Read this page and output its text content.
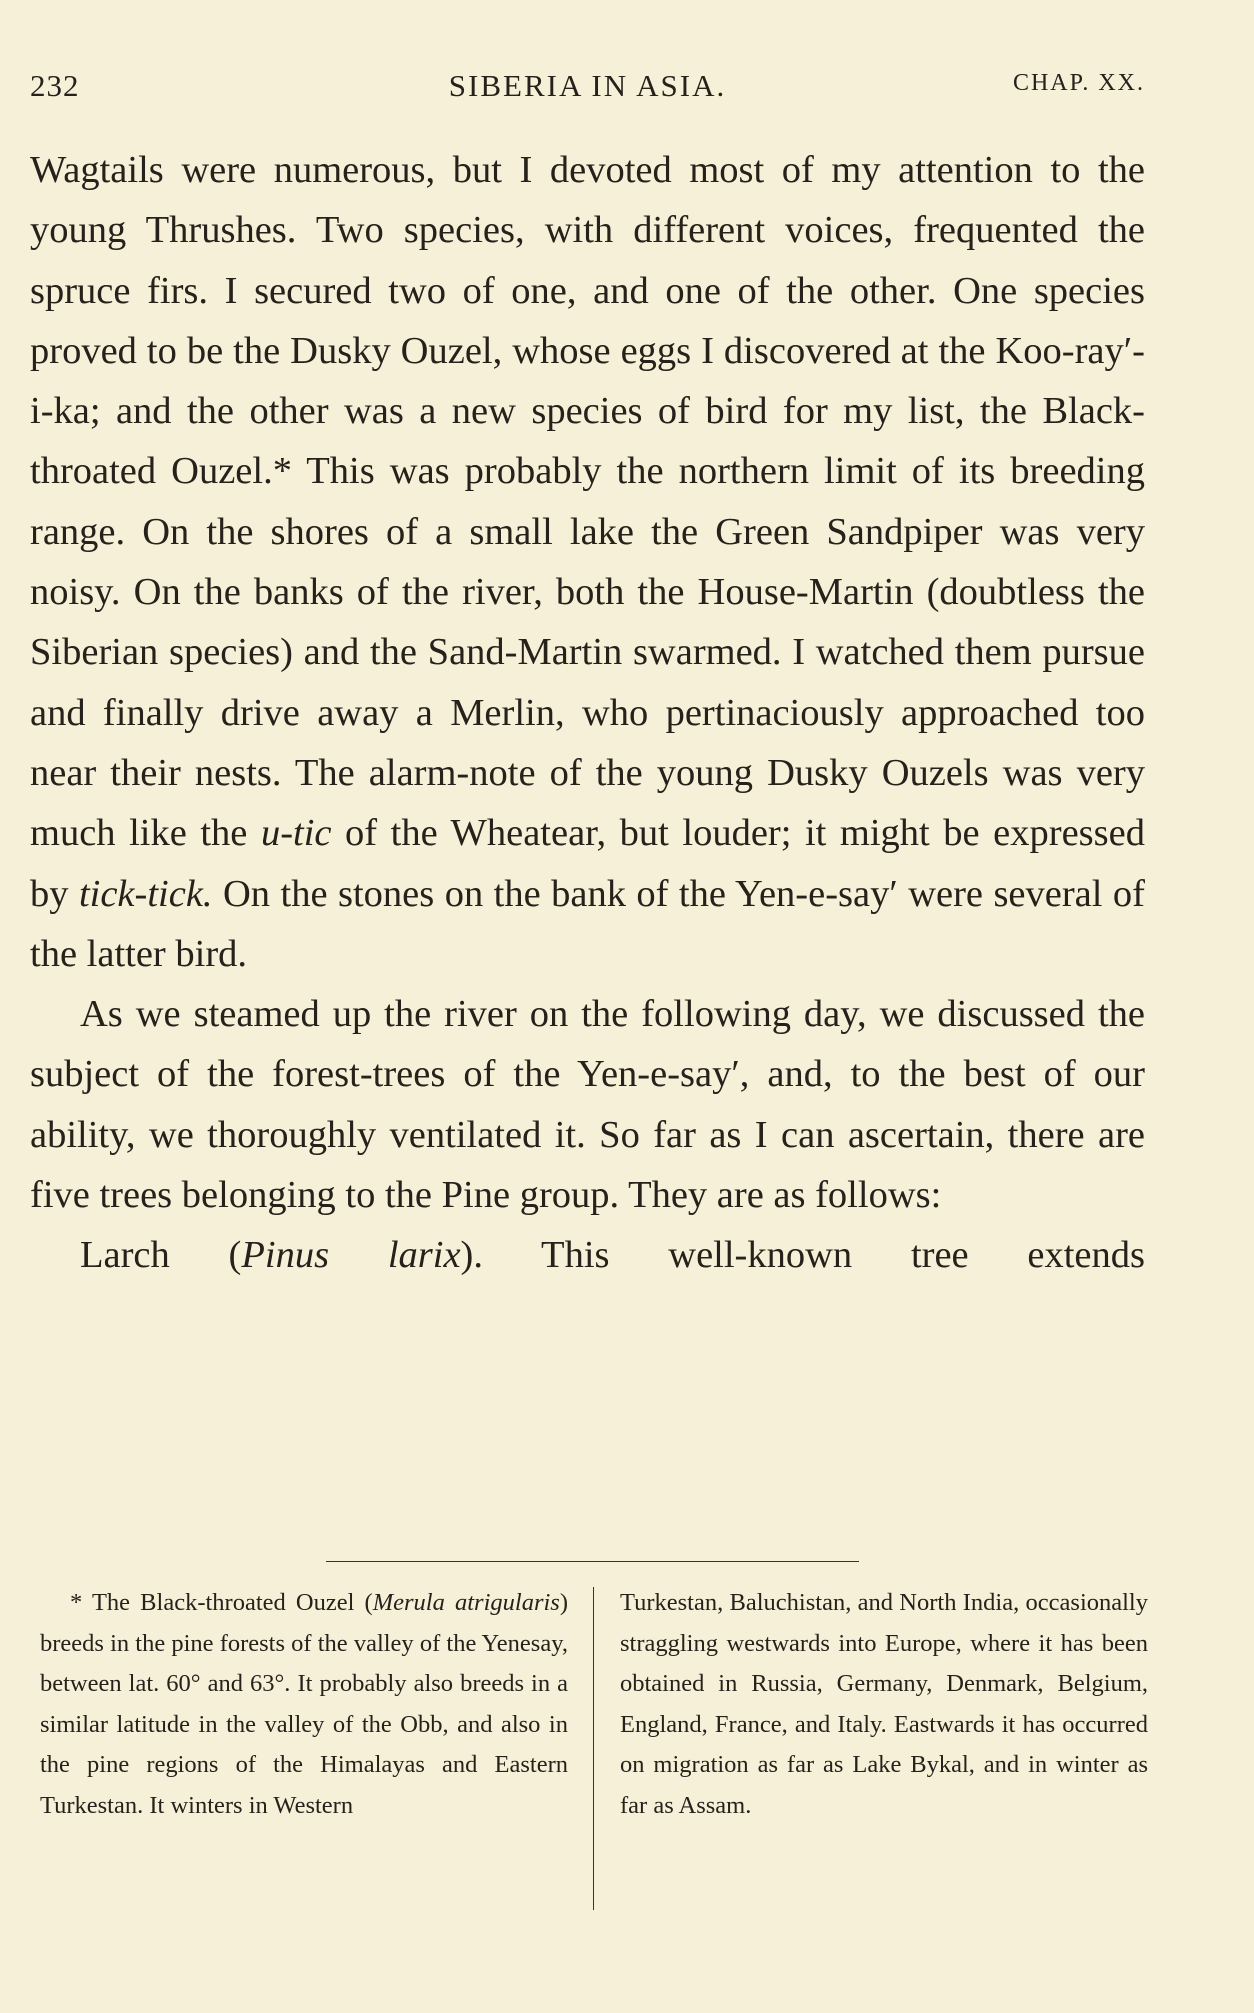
232	SIBERIA IN ASIA.	CHAP. XX.

Wagtails were numerous, but I devoted most of my attention to the young Thrushes. Two species, with different voices, frequented the spruce firs. I secured two of one, and one of the other. One species proved to be the Dusky Ouzel, whose eggs I discovered at the Koo-ray′-i-ka; and the other was a new species of bird for my list, the Black-throated Ouzel.* This was probably the northern limit of its breeding range. On the shores of a small lake the Green Sandpiper was very noisy. On the banks of the river, both the House-Martin (doubtless the Siberian species) and the Sand-Martin swarmed. I watched them pursue and finally drive away a Merlin, who pertinaciously approached too near their nests. The alarm-note of the young Dusky Ouzels was very much like the u-tic of the Wheatear, but louder; it might be expressed by tick-tick. On the stones on the bank of the Yen-e-say′ were several of the latter bird.

As we steamed up the river on the following day, we discussed the subject of the forest-trees of the Yen-e-say′, and, to the best of our ability, we thoroughly ventilated it. So far as I can ascertain, there are five trees belonging to the Pine group. They are as follows:

Larch (Pinus larix). This well-known tree extends

* The Black-throated Ouzel (Merula atrigularis) breeds in the pine forests of the valley of the Yenesay, between lat. 60° and 63°. It probably also breeds in a similar latitude in the valley of the Obb, and also in the pine regions of the Himalayas and Eastern Turkestan. It winters in Western
Turkestan, Baluchistan, and North India, occasionally straggling westwards into Europe, where it has been obtained in Russia, Germany, Denmark, Belgium, England, France, and Italy. Eastwards it has occurred on migration as far as Lake Bykal, and in winter as far as Assam.
